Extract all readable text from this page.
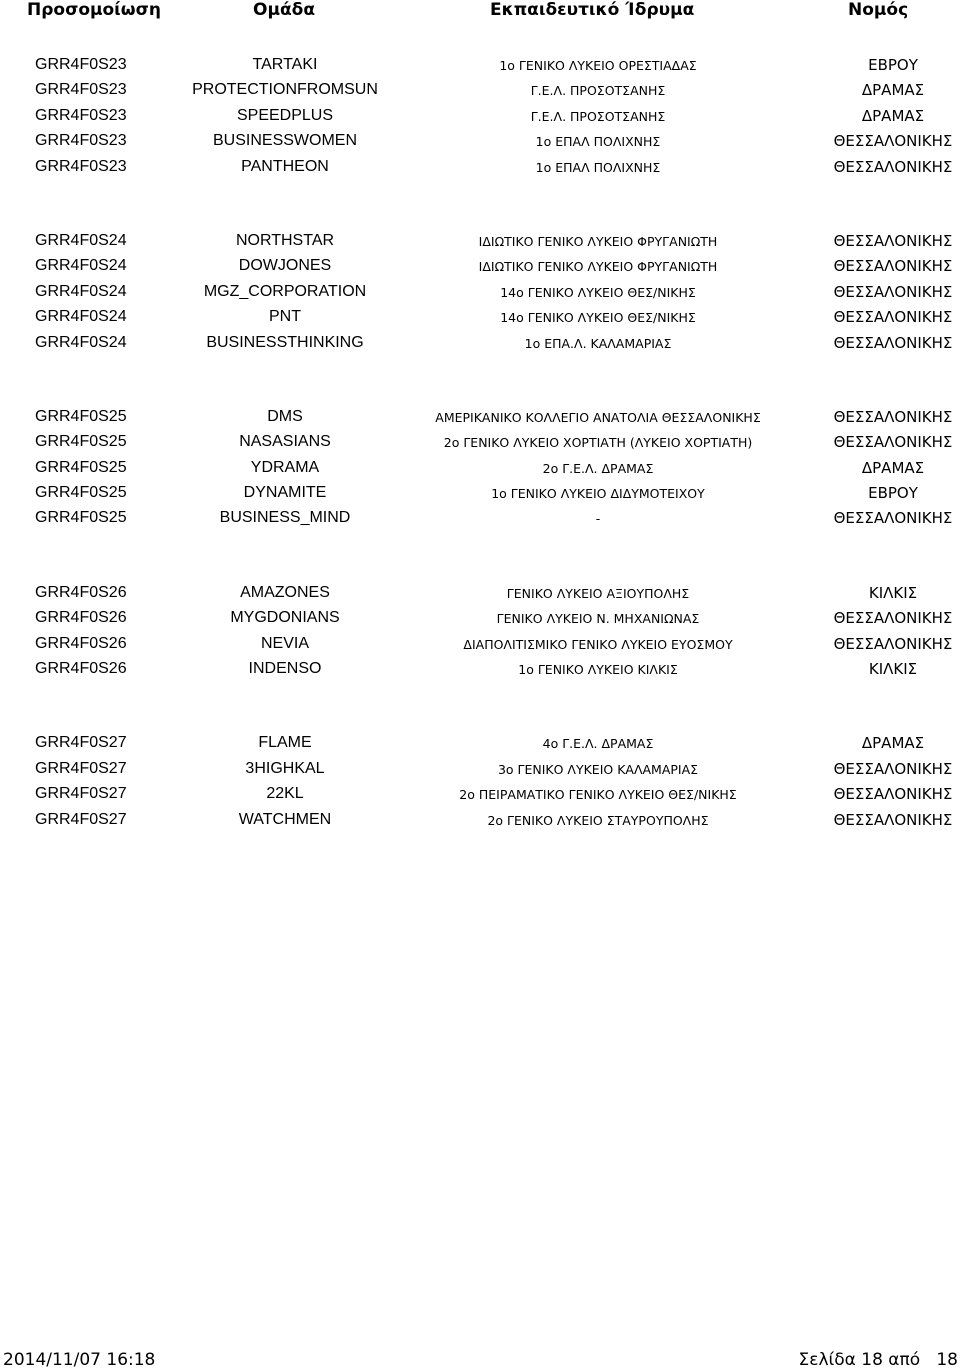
Προσομοίωση	Ομάδα	Εκπαιδευτικό Ίδρυμα	Νομός
GRR4F0S23	TARTAKI	1ο ΓΕΝΙΚΟ ΛΥΚΕΙΟ ΟΡΕΣΤΙΑΔΑΣ	ΕΒΡΟΥ
GRR4F0S23	PROTECTIONFROMSUN	Γ.Ε.Λ. ΠΡΟΣΟΤΣΑΝΗΣ	ΔΡΑΜΑΣ
GRR4F0S23	SPEEDPLUS	Γ.Ε.Λ. ΠΡΟΣΟΤΣΑΝΗΣ	ΔΡΑΜΑΣ
GRR4F0S23	BUSINESSWOMEN	1ο ΕΠΑΛ ΠΟΛΙΧΝΗΣ	ΘΕΣΣΑΛΟΝΙΚΗΣ
GRR4F0S23	PANTHEON	1ο ΕΠΑΛ ΠΟΛΙΧΝΗΣ	ΘΕΣΣΑΛΟΝΙΚΗΣ
GRR4F0S24	NORTHSTAR	ΙΔΙΩΤΙΚΟ ΓΕΝΙΚΟ ΛΥΚΕΙΟ ΦΡΥΓΑΝΙΩΤΗ	ΘΕΣΣΑΛΟΝΙΚΗΣ
GRR4F0S24	DOWJONES	ΙΔΙΩΤΙΚΟ ΓΕΝΙΚΟ ΛΥΚΕΙΟ ΦΡΥΓΑΝΙΩΤΗ	ΘΕΣΣΑΛΟΝΙΚΗΣ
GRR4F0S24	MGZ_CORPORATION	14ο ΓΕΝΙΚΟ ΛΥΚΕΙΟ ΘΕΣ/ΝΙΚΗΣ	ΘΕΣΣΑΛΟΝΙΚΗΣ
GRR4F0S24	PNT	14ο ΓΕΝΙΚΟ ΛΥΚΕΙΟ ΘΕΣ/ΝΙΚΗΣ	ΘΕΣΣΑΛΟΝΙΚΗΣ
GRR4F0S24	BUSINESSTHINKING	1ο ΕΠΑ.Λ. ΚΑΛΑΜΑΡΙΑΣ	ΘΕΣΣΑΛΟΝΙΚΗΣ
GRR4F0S25	DMS	ΑΜΕΡΙΚΑΝΙΚΟ ΚΟΛΛΕΓΙΟ ΑΝΑΤΟΛΙΑ ΘΕΣΣΑΛΟΝΙΚΗΣ	ΘΕΣΣΑΛΟΝΙΚΗΣ
GRR4F0S25	NASASIANS	2ο ΓΕΝΙΚΟ ΛΥΚΕΙΟ ΧΟΡΤΙΑΤΗ (ΛΥΚΕΙΟ ΧΟΡΤΙΑΤΗ)	ΘΕΣΣΑΛΟΝΙΚΗΣ
GRR4F0S25	YDRAMA	2ο Γ.Ε.Λ. ΔΡΑΜΑΣ	ΔΡΑΜΑΣ
GRR4F0S25	DYNAMITE	1ο ΓΕΝΙΚΟ ΛΥΚΕΙΟ ΔΙΔΥΜΟΤΕΙΧΟΥ	ΕΒΡΟΥ
GRR4F0S25	BUSINESS_MIND	-	ΘΕΣΣΑΛΟΝΙΚΗΣ
GRR4F0S26	AMAZONES	ΓΕΝΙΚΟ ΛΥΚΕΙΟ ΑΞΙΟΥΠΟΛΗΣ	ΚΙΛΚΙΣ
GRR4F0S26	MYGDONIANS	ΓΕΝΙΚΟ ΛΥΚΕΙΟ Ν. ΜΗΧΑΝΙΩΝΑΣ	ΘΕΣΣΑΛΟΝΙΚΗΣ
GRR4F0S26	NEVIA	ΔΙΑΠΟΛΙΤΙΣΜΙΚΟ ΓΕΝΙΚΟ ΛΥΚΕΙΟ ΕΥΟΣΜΟΥ	ΘΕΣΣΑΛΟΝΙΚΗΣ
GRR4F0S26	INDENSO	1ο ΓΕΝΙΚΟ ΛΥΚΕΙΟ ΚΙΛΚΙΣ	ΚΙΛΚΙΣ
GRR4F0S27	FLAME	4ο Γ.Ε.Λ. ΔΡΑΜΑΣ	ΔΡΑΜΑΣ
GRR4F0S27	3HIGHKAL	3ο ΓΕΝΙΚΟ ΛΥΚΕΙΟ ΚΑΛΑΜΑΡΙΑΣ	ΘΕΣΣΑΛΟΝΙΚΗΣ
GRR4F0S27	22KL	2ο ΠΕΙΡΑΜΑΤΙΚΟ ΓΕΝΙΚΟ ΛΥΚΕΙΟ ΘΕΣ/ΝΙΚΗΣ	ΘΕΣΣΑΛΟΝΙΚΗΣ
GRR4F0S27	WATCHMEN	2ο ΓΕΝΙΚΟ ΛΥΚΕΙΟ ΣΤΑΥΡΟΥΠΟΛΗΣ	ΘΕΣΣΑΛΟΝΙΚΗΣ
2014/11/07 16:18	Σελίδα 18 από   18
